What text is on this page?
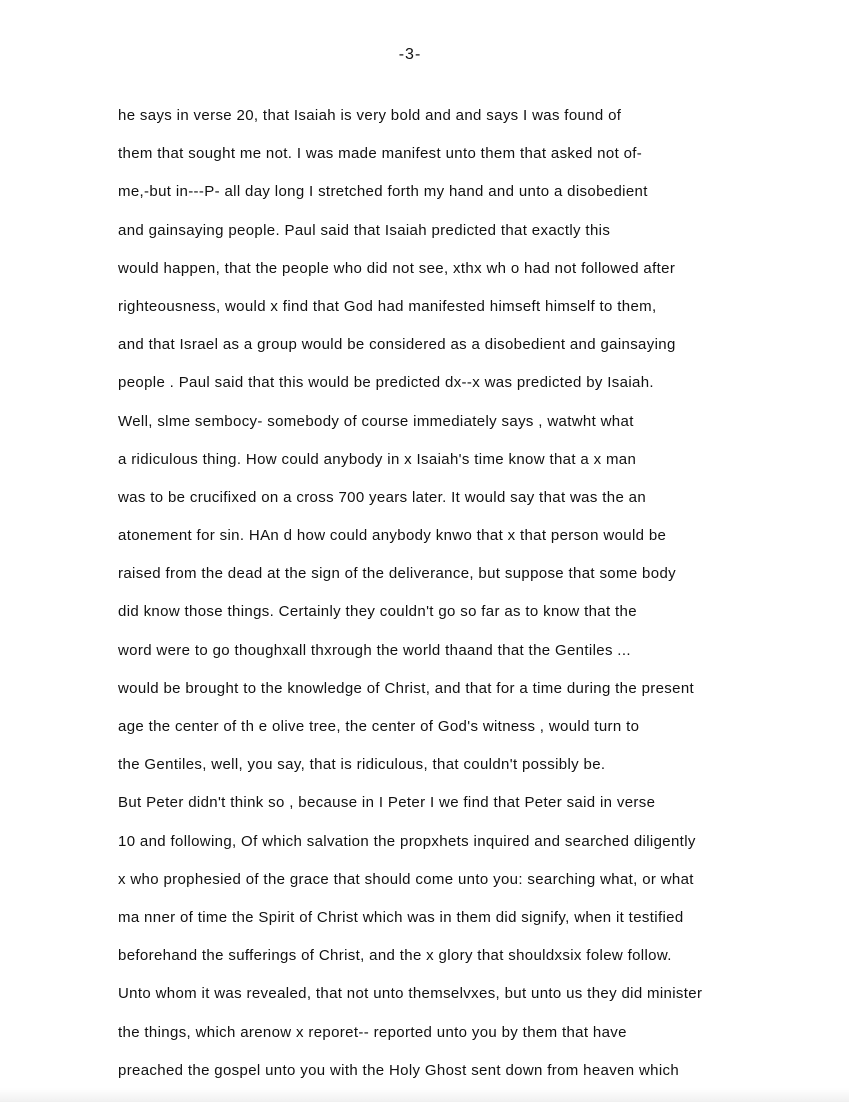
-3-
he says in verse 20, that Isaiah is very bold and and says I was found of
them that sought me not. I was made manifest unto them that asked not of-
me,-but in---P- all day long I stretched forth my hand and unto a disobedient
and gainsaying people. Paul said that Isaiah predicted that exactly this
would happen, that the people who did not see, xthx wh o had not followed after
righteousness, would x find that God had manifested himseft himself to them,
and that Israel as a group would be considered as a disobedient and gainsaying
people . Paul said that this would be predicted dx--x was predicted by Isaiah.
Well, slme sembocy- somebody of course immediately says , watwht what
a ridiculous thing. How could anybody in x Isaiah's time know that a x man
was to be crucifixed on a cross 700 years later. It would say that was the an
atonement for sin. HAn d how could anybody knwo that x that person would be
raised from the dead at the sign of the deliverance, but suppose that some body
did know those things. Certainly they couldn't go so far as to know that the
word were to go thoughxall thxrough the world thaand that the Gentiles ...
would be brought to the knowledge of Christ, and that for a time during the present
age the center of th e olive tree, the center of God's witness , would turn to
the Gentiles, well, you say, that is ridiculous, that couldn't possibly be.
But Peter didn't think so , because in I Peter I we find that Peter said in verse
10 and following, Of which salvation the propxhets inquired and searched diligently
x who prophesied of the grace that should come unto you: searching what, or what
ma nner of time the Spirit of Christ which was in them did signify, when it testified
beforehand the sufferings of Christ, and the x glory that shouldxsix folew follow.
Unto whom it was revealed, that not unto themselvxes, but unto us they did minister
the things, which arenow x reporet-- reported unto you by them that have
preached the gospel unto you with the Holy Ghost sent down from heaven which
